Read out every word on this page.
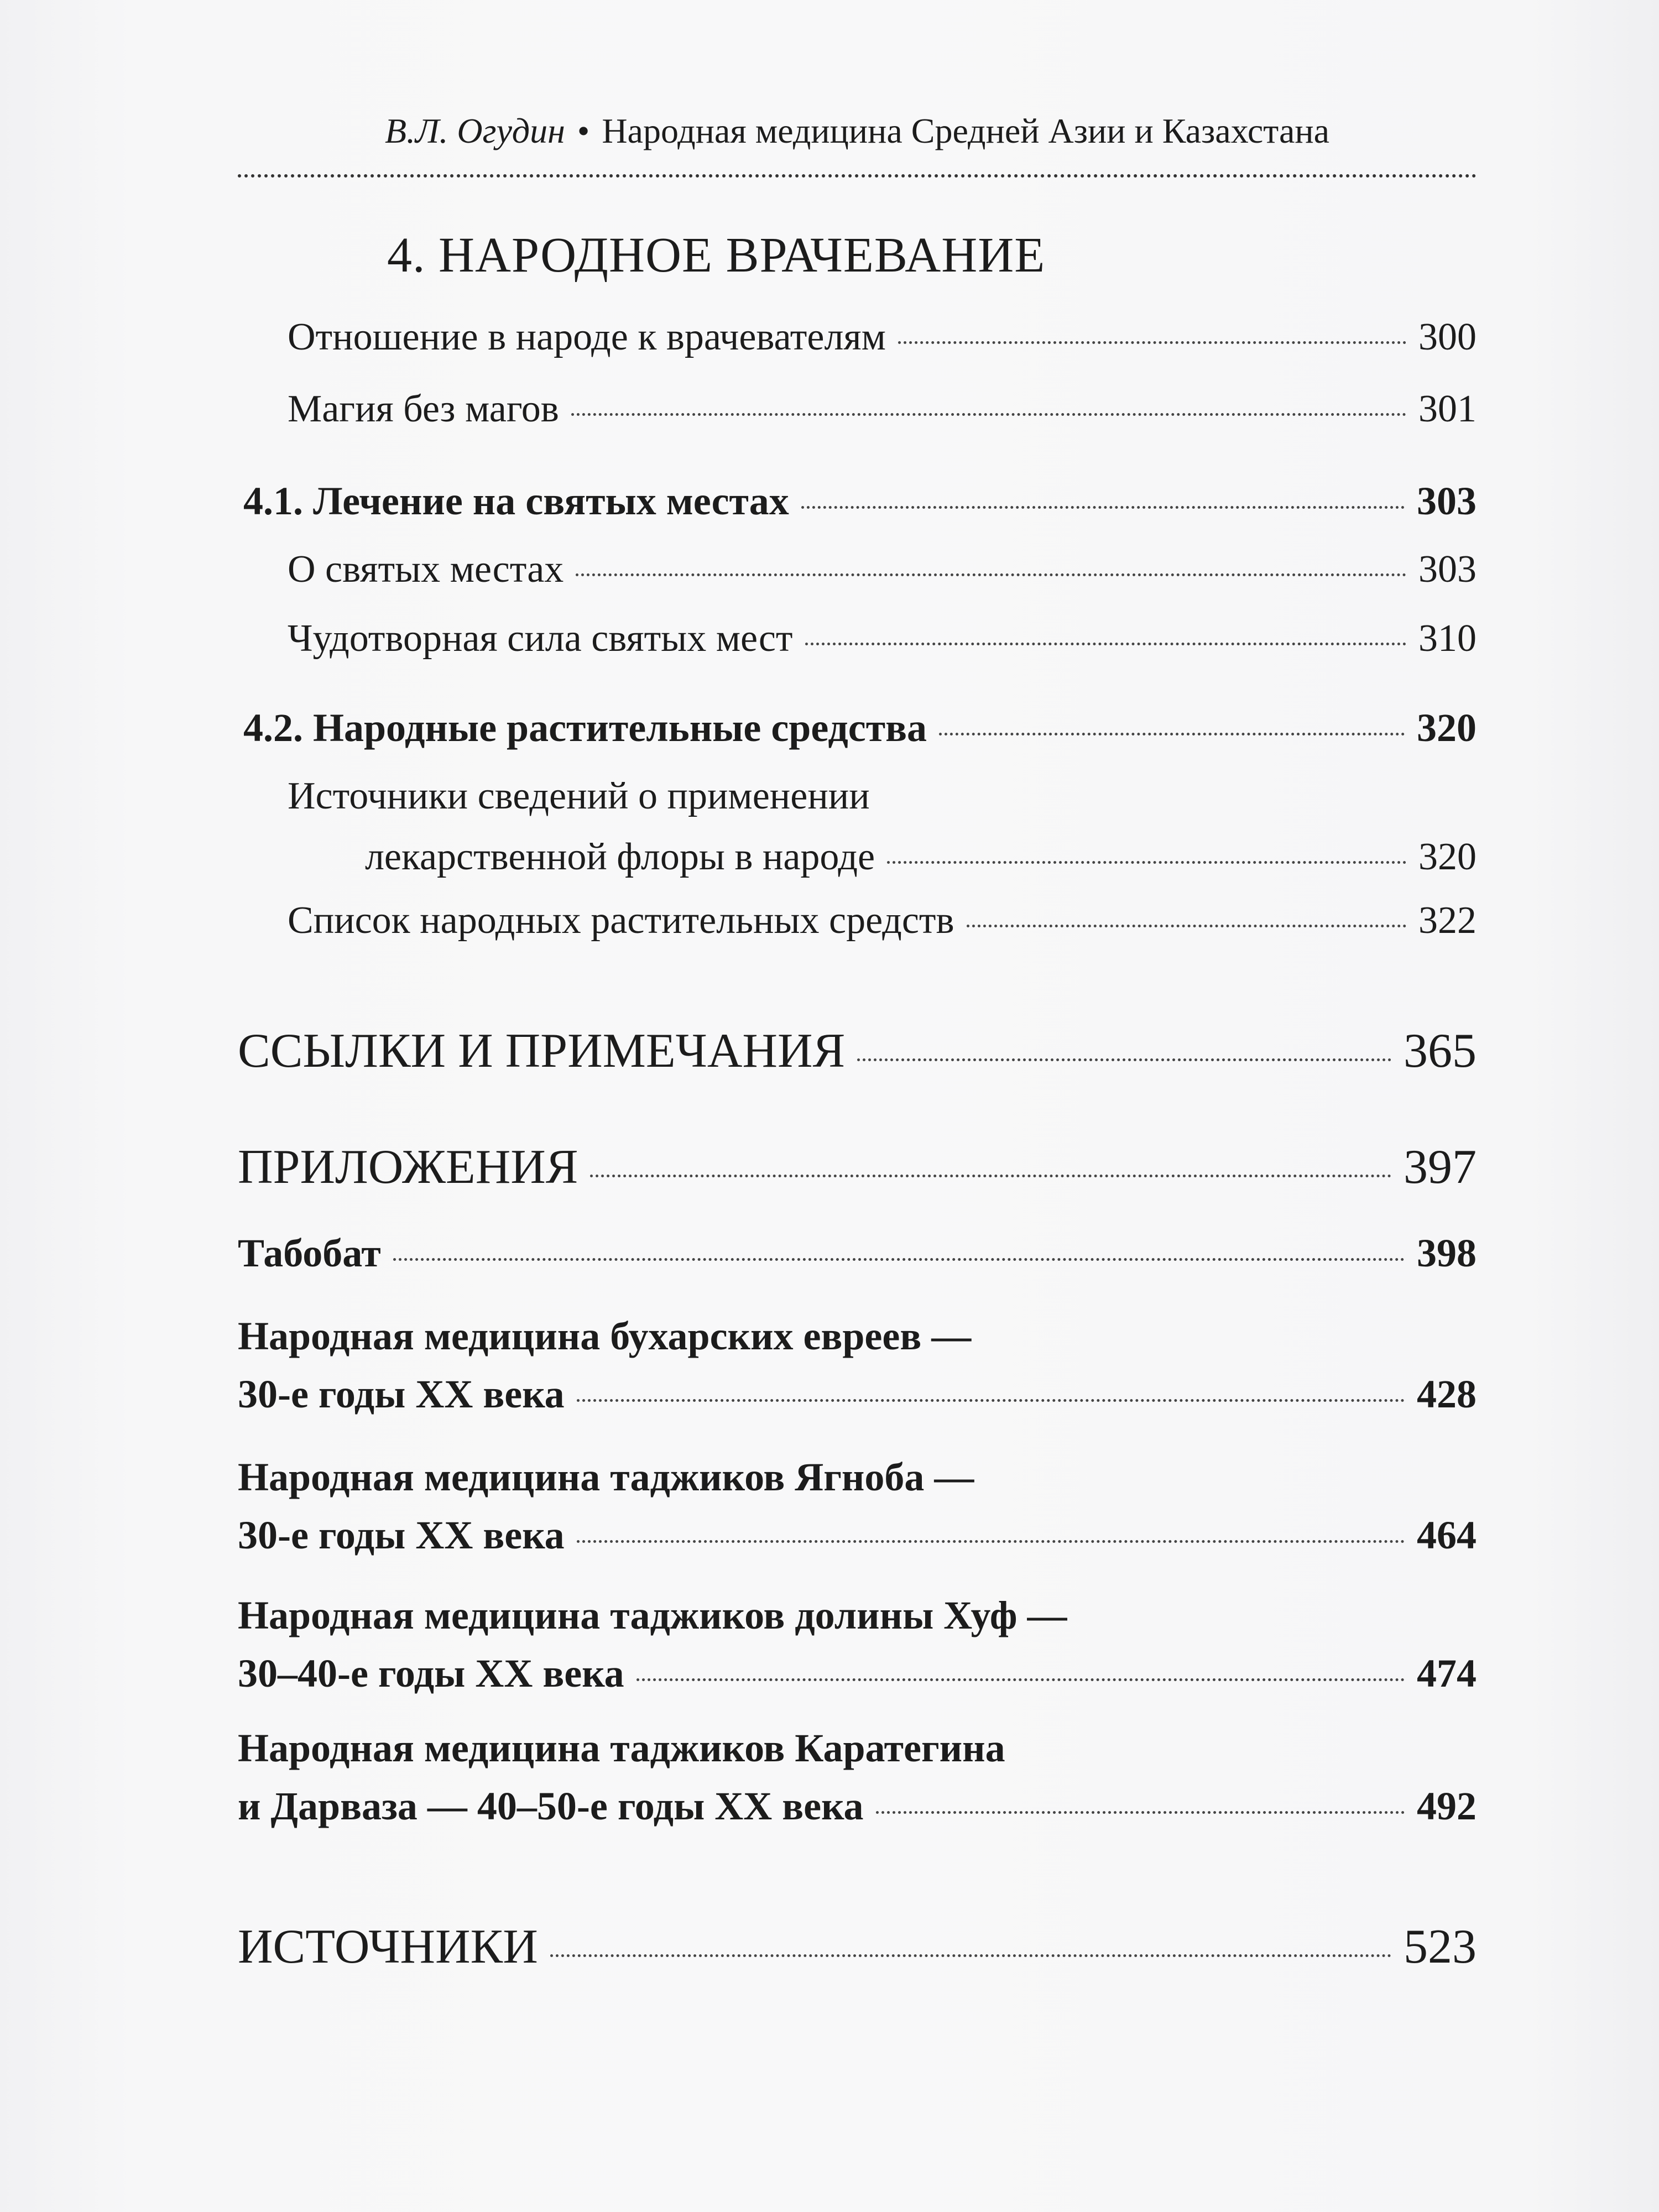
В.Л. Огудин • Народная медицина Средней Азии и Казахстана
4. НАРОДНОЕ ВРАЧЕВАНИЕ
Отношение в народе к врачевателям	300
Магия без магов	301
4.1. Лечение на святых местах	303
О святых местах	303
Чудотворная сила святых мест	310
4.2. Народные растительные средства	320
Источники сведений о применении
лекарственной флоры в народе	320
Список народных растительных средств	322
ССЫЛКИ И ПРИМЕЧАНИЯ	365
ПРИЛОЖЕНИЯ	397
Табобат	398
Народная медицина бухарских евреев —
30-е годы XX века	428
Народная медицина таджиков Ягноба —
30-е годы XX века	464
Народная медицина таджиков долины Хуф —
30–40-е годы XX века	474
Народная медицина таджиков Каратегина
и Дарваза — 40–50-е годы XX века	492
ИСТОЧНИКИ	523
